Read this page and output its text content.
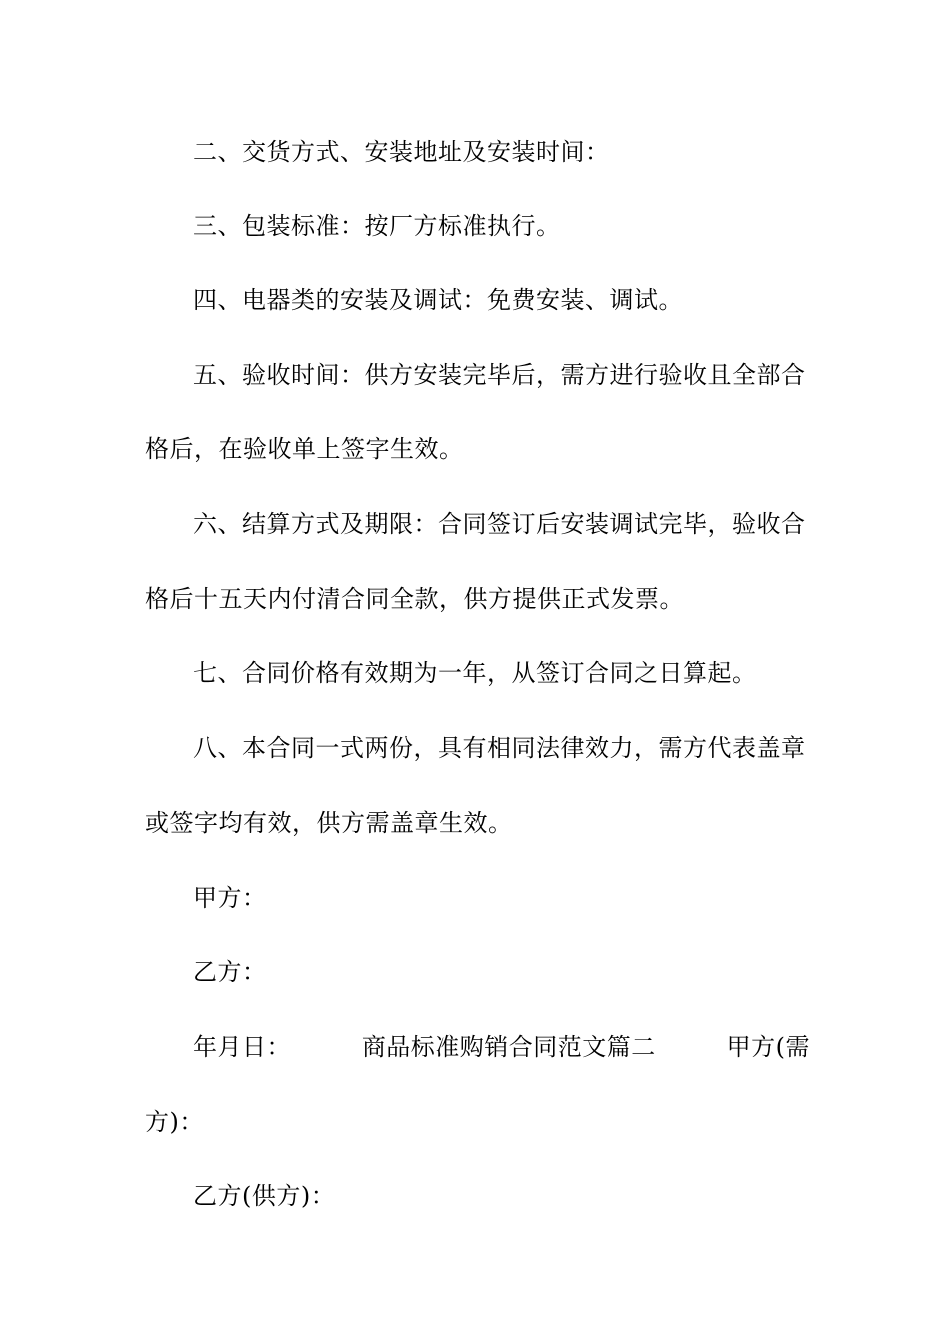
二、交货方式、安装地址及安装时间：
三、包装标准：按厂方标准执行。
四、电器类的安装及调试：免费安装、调试。
五、验收时间：供方安装完毕后，需方进行验收且全部合
格后，在验收单上签字生效。
六、结算方式及期限：合同签订后安装调试完毕，验收合
格后十五天内付清合同全款，供方提供正式发票。
七、合同价格有效期为一年，从签订合同之日算起。
八、本合同一式两份，具有相同法律效力，需方代表盖章
或签字均有效，供方需盖章生效。
甲方：
乙方：
年月日：	商品标准购销合同范文篇二	甲方(需
方)：
乙方(供方)：
